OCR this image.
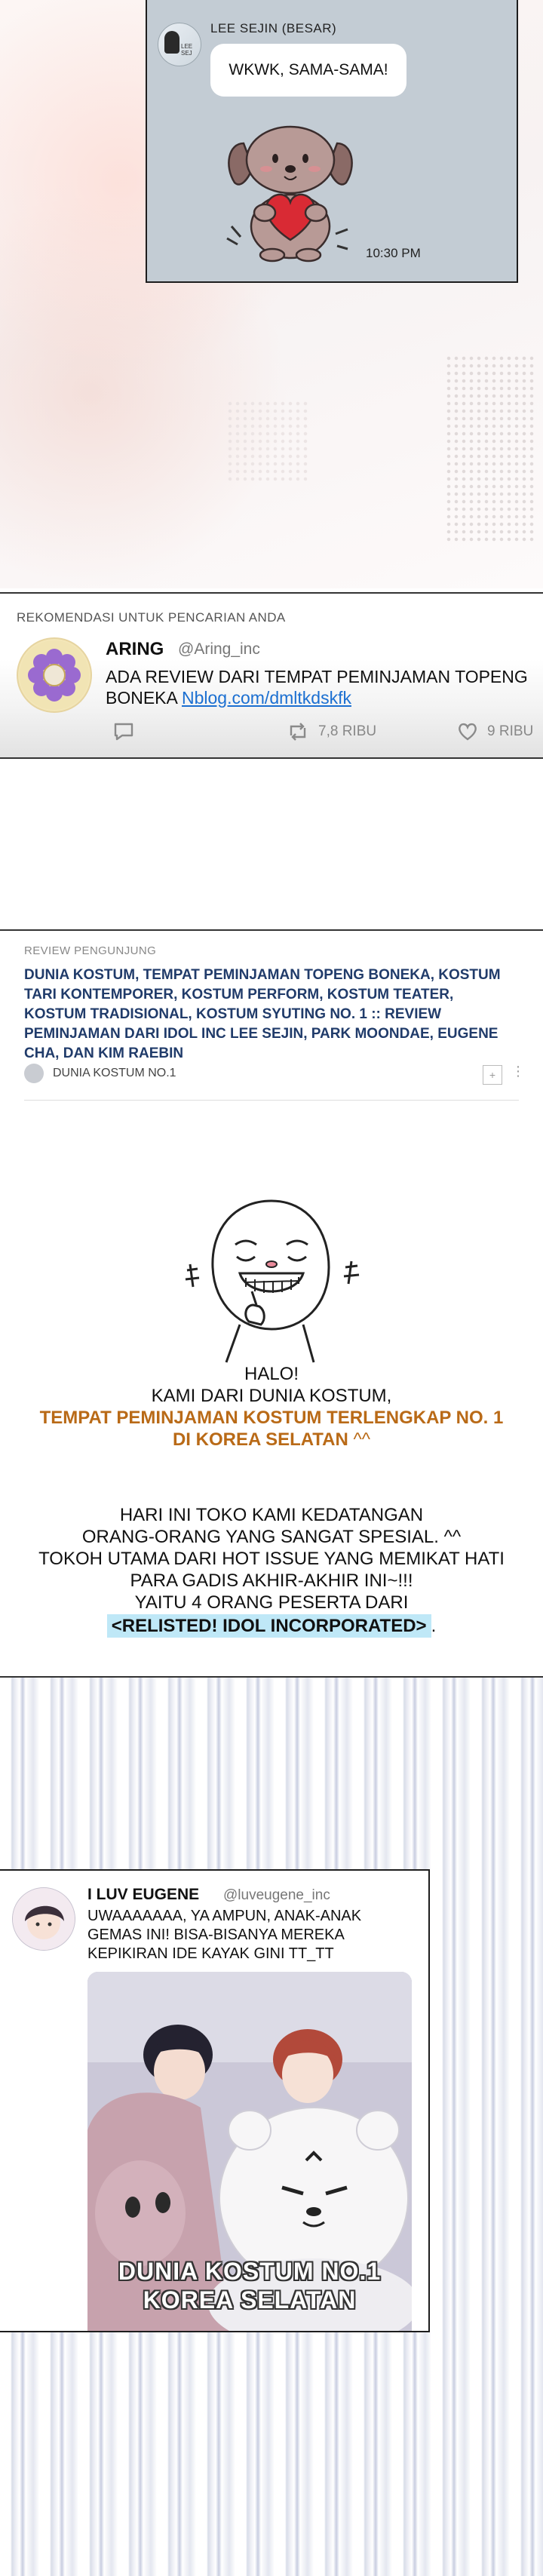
LEE SEJ
LEE SEJIN (BESAR)
WKWK, SAMA-SAMA!
10:30 PM
REKOMENDASI UNTUK PENCARIAN ANDA
ARING @Aring_inc
ADA REVIEW DARI TEMPAT PEMINJAMAN TOPENG BONEKA Nblog.com/dmltkdskfk
7,8 RIBU	9 RIBU
REVIEW PENGUNJUNG
DUNIA KOSTUM, TEMPAT PEMINJAMAN TOPENG BONEKA, KOSTUM TARI KONTEMPORER, KOSTUM PERFORM, KOSTUM TEATER, KOSTUM TRADISIONAL, KOSTUM SYUTING NO. 1 :: REVIEW PEMINJAMAN DARI IDOL INC LEE SEJIN, PARK MOONDAE, EUGENE CHA, DAN KIM RAEBIN
DUNIA KOSTUM NO.1	+	⋮
HALO!
KAMI DARI DUNIA KOSTUM,
TEMPAT PEMINJAMAN KOSTUM TERLENGKAP NO. 1
DI KOREA SELATAN ^^
HARI INI TOKO KAMI KEDATANGAN
ORANG-ORANG YANG SANGAT SPESIAL. ^^
TOKOH UTAMA DARI HOT ISSUE YANG MEMIKAT HATI
PARA GADIS AKHIR-AKHIR INI~!!!
YAITU 4 ORANG PESERTA DARI
<RELISTED! IDOL INCORPORATED> .
I LUV EUGENE @luveugene_inc
UWAAAAAAA, YA AMPUN, ANAK-ANAK GEMAS INI! BISA-BISANYA MEREKA KEPIKIRAN IDE KAYAK GINI TT_TT
DUNIA KOSTUM NO.1
KOREA SELATAN
